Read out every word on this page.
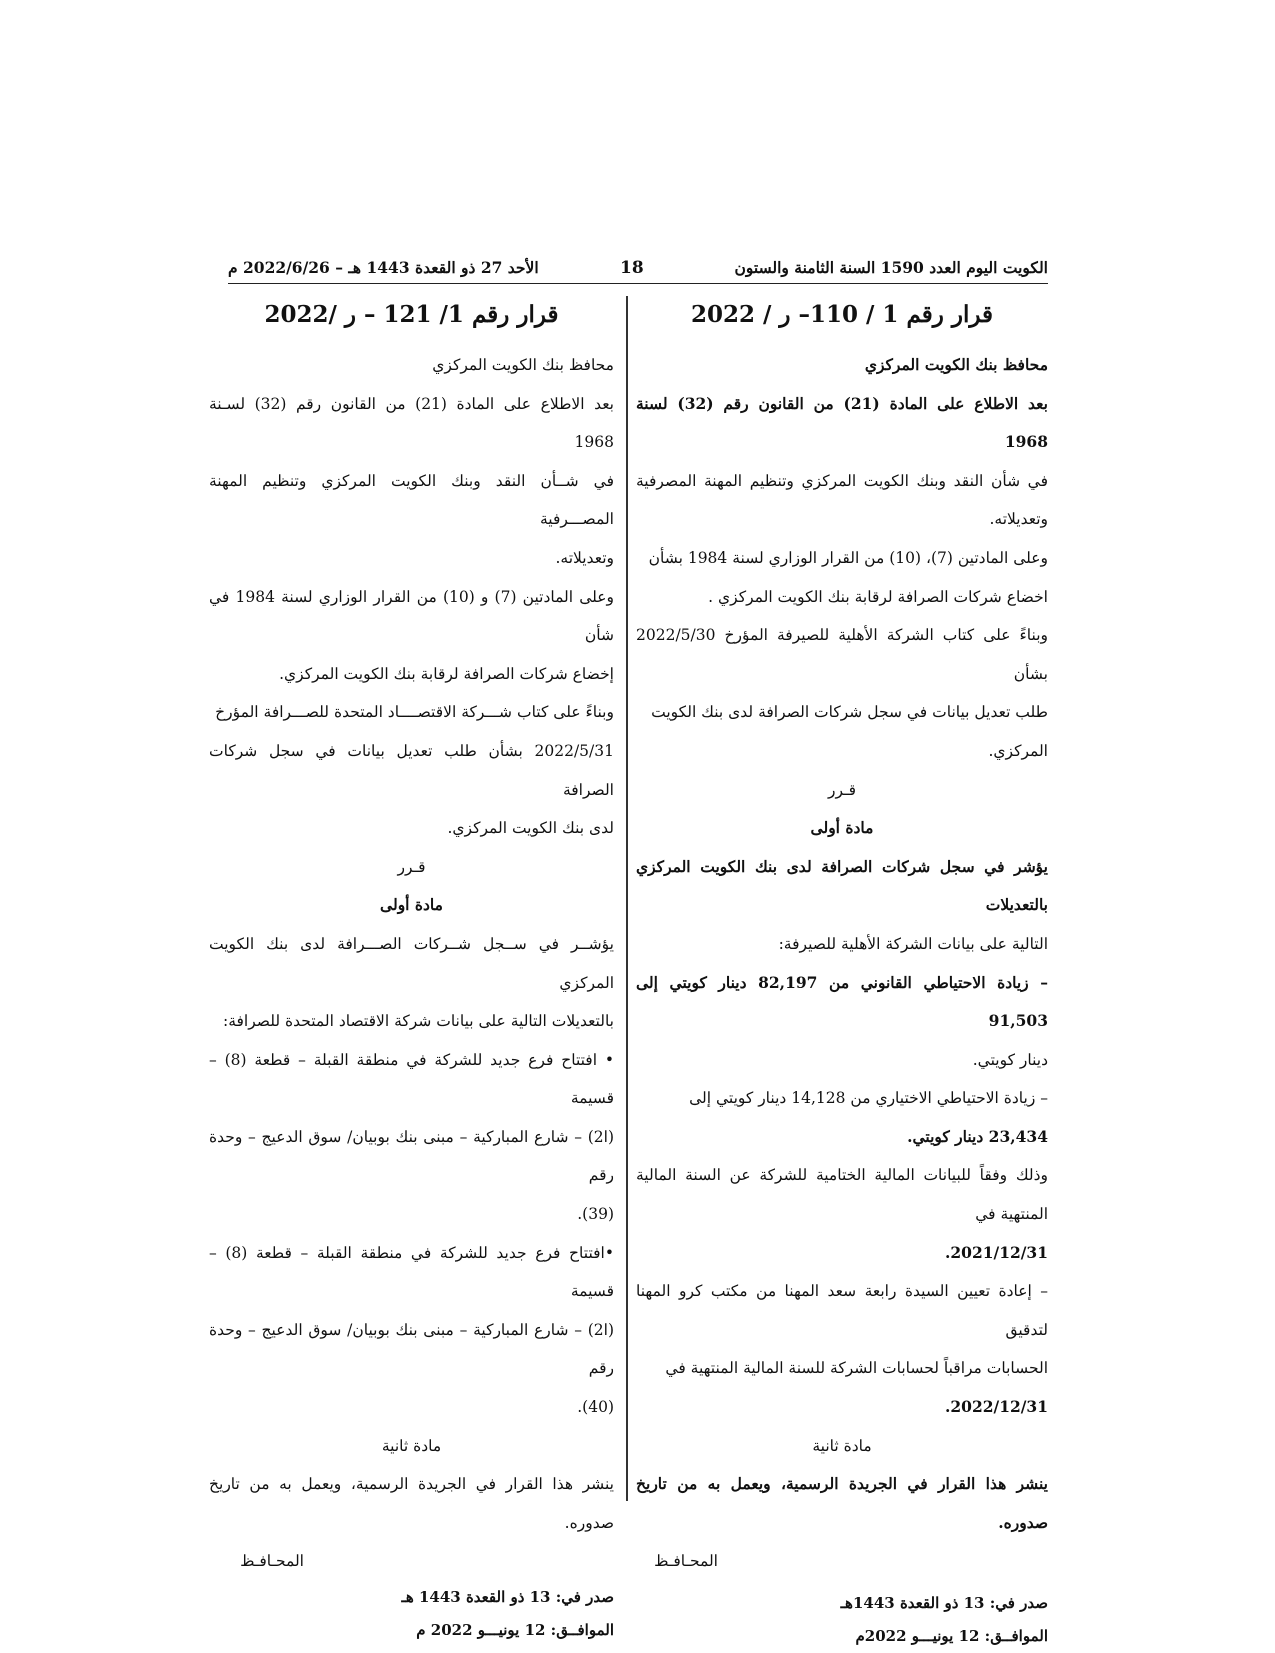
الكويت اليوم العدد 1590 السنة الثامنة والستون
18
الأحد 27 ذو القعدة 1443 هـ – 2022/6/26 م
قرار رقم 1 / 110– ر / 2022
محافظ بنك الكويت المركزي
بعد الاطلاع على المادة (21) من القانون رقم (32) لسنة 1968
في شأن النقد وبنك الكويت المركزي وتنظيم المهنة المصرفية وتعديلاته.
وعلى المادتين (7)، (10) من القرار الوزاري لسنة 1984 بشأن
اخضاع شركات الصرافة لرقابة بنك الكويت المركزي .
وبناءً على كتاب الشركة الأهلية للصيرفة المؤرخ 2022/5/30 بشأن
طلب تعديل بيانات في سجل شركات الصرافة لدى بنك الكويت
المركزي.
قـرر
مادة أولى
يؤشر في سجل شركات الصرافة لدى بنك الكويت المركزي بالتعديلات
التالية على بيانات الشركة الأهلية للصيرفة:
– زيادة الاحتياطي القانوني من 82,197 دينار كويتي إلى 91,503
دينار كويتي.
– زيادة الاحتياطي الاختياري من 14,128 دينار كويتي إلى
23,434 دينار كويتي.
وذلك وفقاً للبيانات المالية الختامية للشركة عن السنة المالية المنتهية في
2021/12/31.
– إعادة تعيين السيدة رابعة سعد المهنا من مكتب كرو المهنا لتدقيق
الحسابات مراقباً لحسابات الشركة للسنة المالية المنتهية في
2022/12/31.
مادة ثانية
ينشر هذا القرار في الجريدة الرسمية، ويعمل به من تاريخ صدوره.
المحـافـظ
صدر في: 13 ذو القعدة 1443هـ
الموافــق: 12 يونيـــو 2022م
قرار رقم 1/ 121 – ر /2022
محافظ بنك الكويت المركزي
بعد الاطلاع على المادة (21) من القانون رقم (32) لسـنة 1968
في شــأن النقد وبنك الكويت المركزي وتنظيم المهنة المصـــرفية
وتعديلاته.
وعلى المادتين (7) و (10) من القرار الوزاري لسنة 1984 في شأن
إخضاع شركات الصرافة لرقابة بنك الكويت المركزي.
وبناءً على كتاب شـــركة الاقتصــــاد المتحدة للصـــرافة المؤرخ
2022/5/31 بشأن طلب تعديل بيانات في سجل شركات الصرافة
لدى بنك الكويت المركزي.
قـرر
مادة أولى
يؤشــر في ســجل شــركات الصـــرافة لدى بنك الكويت المركزي
بالتعديلات التالية على بيانات شركة الاقتصاد المتحدة للصرافة:
• افتتاح فرع جديد للشركة في منطقة القبلة – قطعة (8) – قسيمة
(ا2) – شارع المباركية – مبنى بنك بوبيان/ سوق الدعيج – وحدة رقم
(39).
•افتتاح فرع جديد للشركة في منطقة القبلة – قطعة (8) – قسيمة
(ا2) – شارع المباركية – مبنى بنك بوبيان/ سوق الدعيج – وحدة رقم
(40).
مادة ثانية
ينشر هذا القرار في الجريدة الرسمية، ويعمل به من تاريخ صدوره.
المحـافـظ
صدر في: 13 ذو القعدة 1443 هـ
الموافــق: 12 يونيـــو 2022 م
